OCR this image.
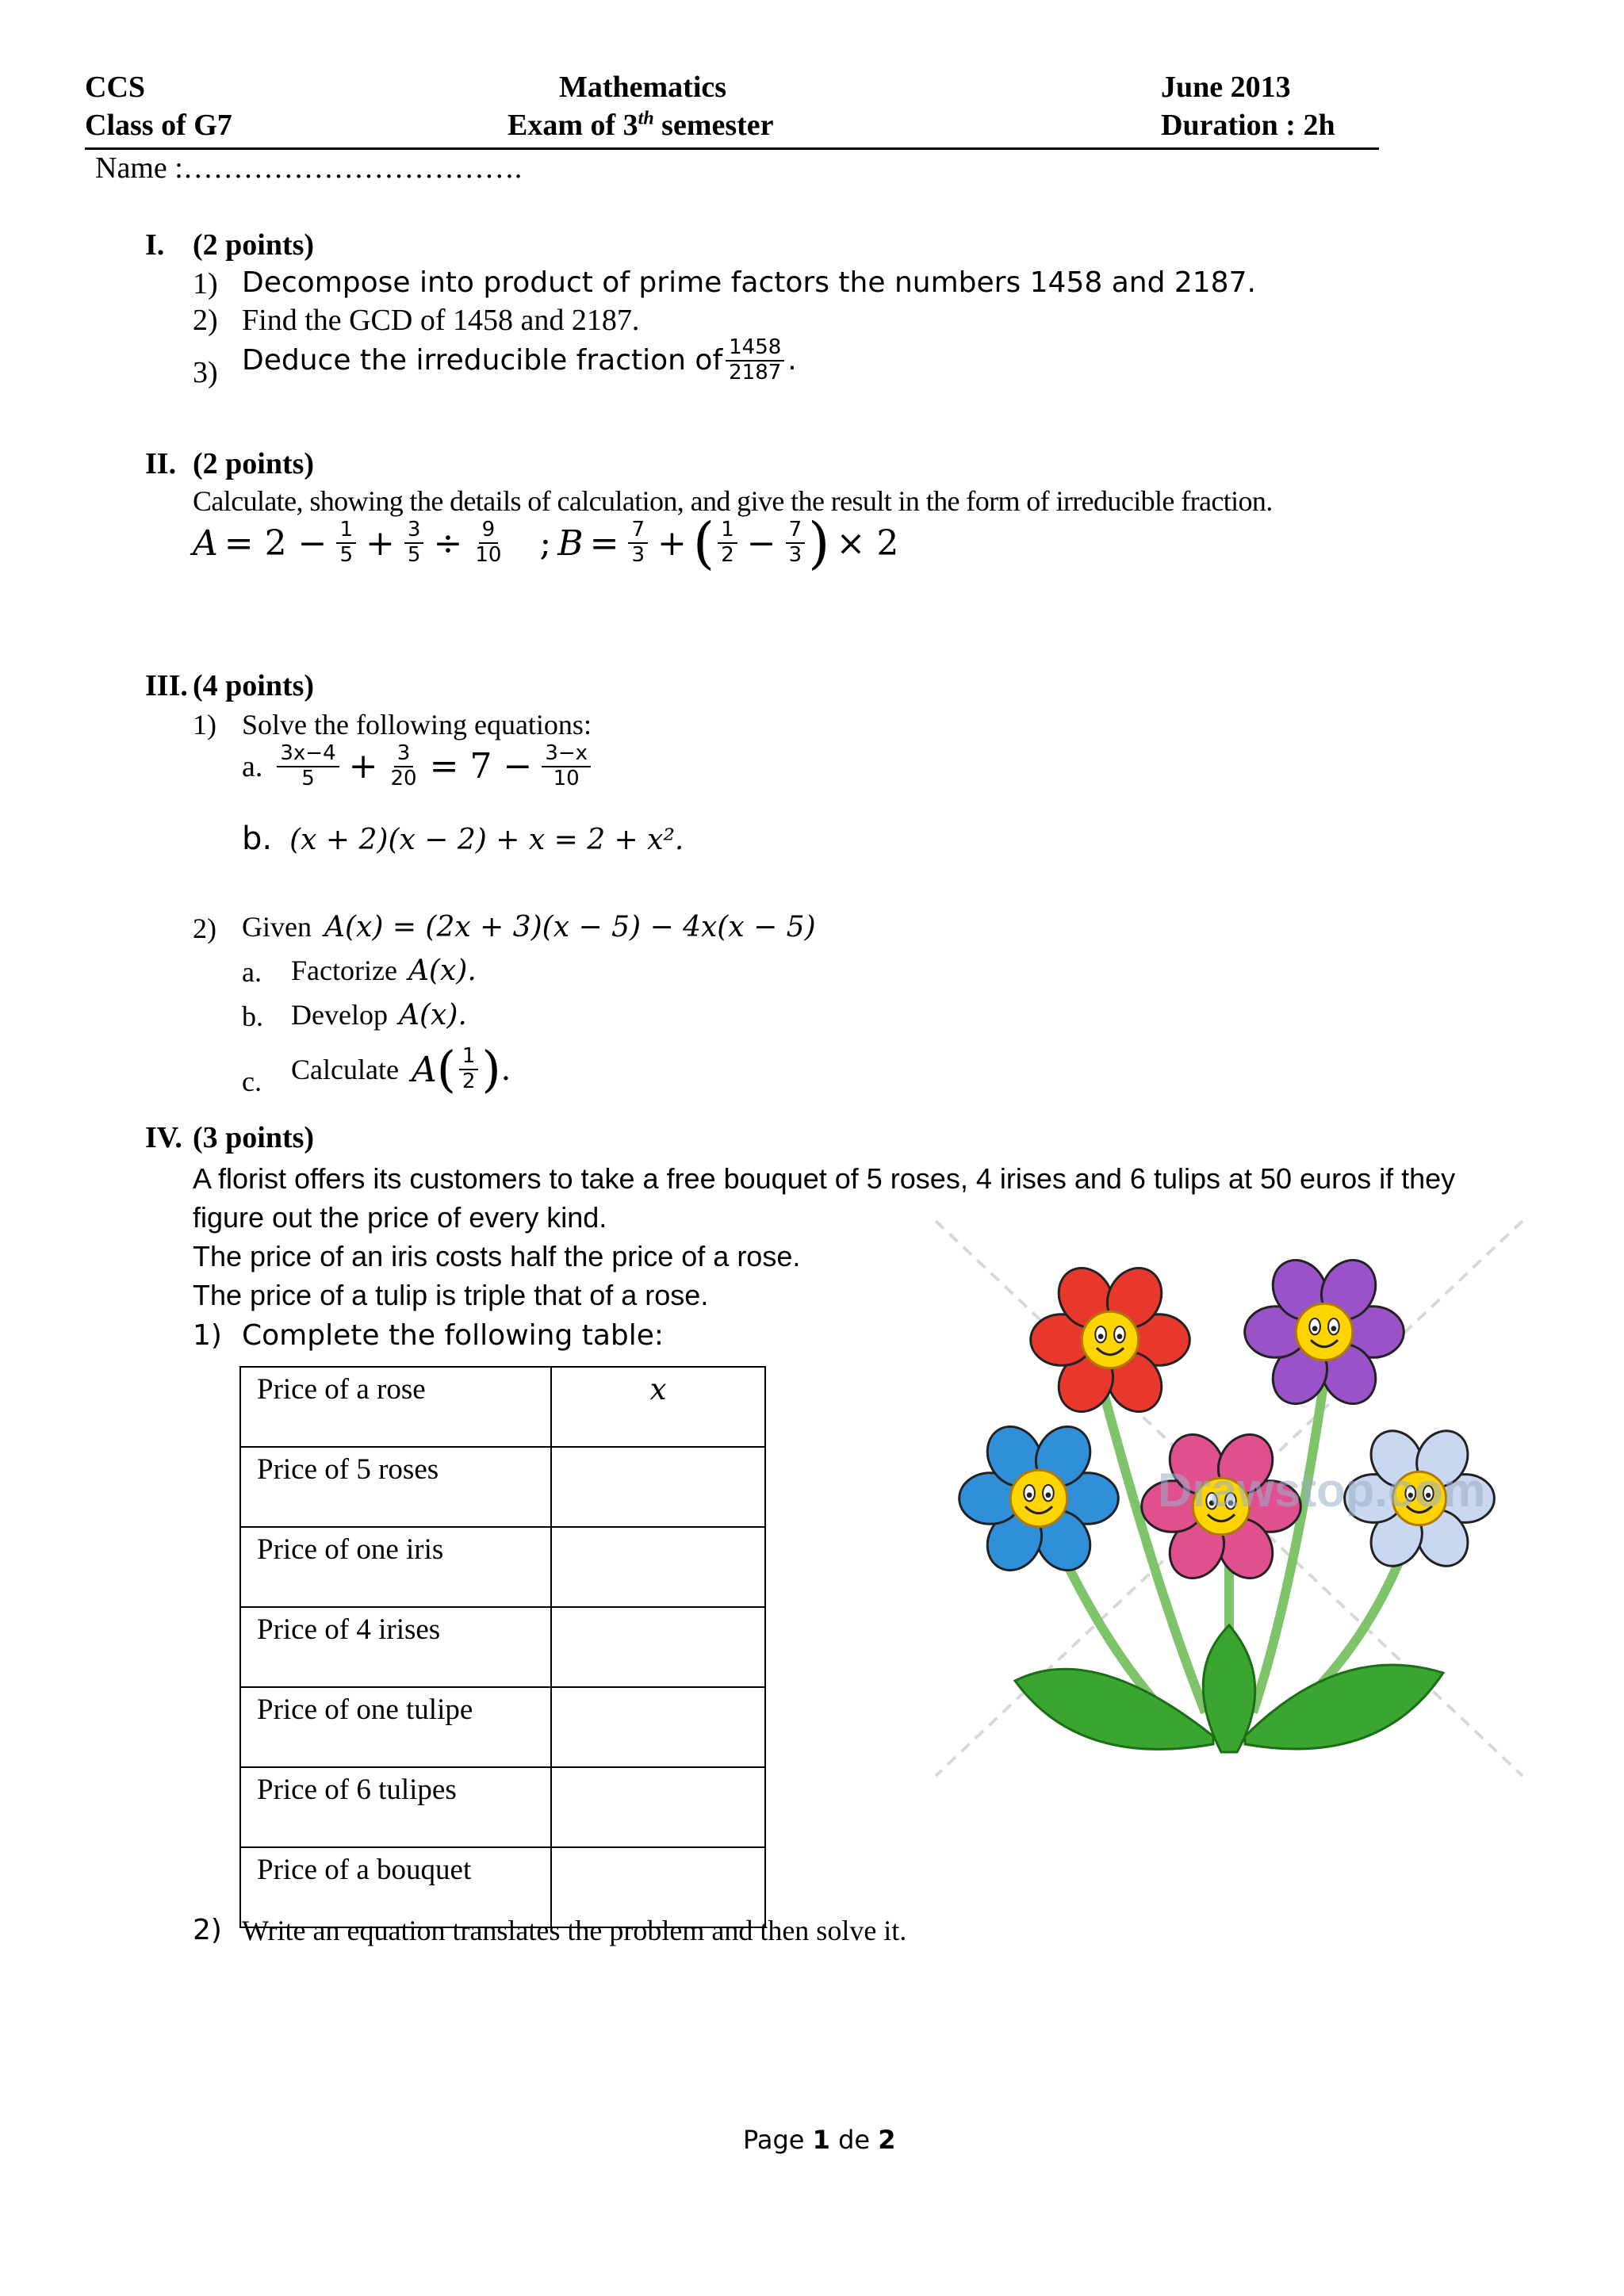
CCS
Class of G7
Mathematics
Exam of 3th semester
June 2013
Duration : 2h
Name :…………………………….
I. (2 points)
1) Decompose into product of prime factors the numbers 1458 and 2187.
2) Find the GCD of 1458 and 2187.
3) Deduce the irreducible fraction of $\frac{1458}{2187}$ .
II. (2 points)
Calculate, showing the details of calculation, and give the result in the form of irreducible fraction.
$A = 2 - \frac{1}{5} + \frac{3}{5} \div \frac{9}{10}$ ; $B = \frac{7}{3}$ + ( $\frac{1}{2} - \frac{7}{3}$ ) × 2
III. (4 points)
1) Solve the following equations:
a. $\frac{3x-4}{5} + \frac{3}{20} = 7 - \frac{3-x}{10}$
b. (x + 2)(x − 2) + x = 2 + x².
2) Given A(x) = (2x + 3)(x − 5) − 4x(x − 5)
a. Factorize A(x).
b. Develop A(x).
c. Calculate A ( $\frac{1}{2}$ ) .
IV. (3 points)
A florist offers its customers to take a free bouquet of 5 roses, 4 irises and 6 tulips at 50 euros if they
figure out the price of every kind.
The price of an iris costs half the price of a rose.
The price of a tulip is triple that of a rose.
1) Complete the following table:
Price of a rose	x
Price of 5 roses	
Price of one iris	
Price of 4 irises	
Price of one tulipe	
Price of 6 tulipes	
Price of a bouquet	
2) Write an equation translates the problem and then solve it.
Drawstop.com
Page 1 de 2
